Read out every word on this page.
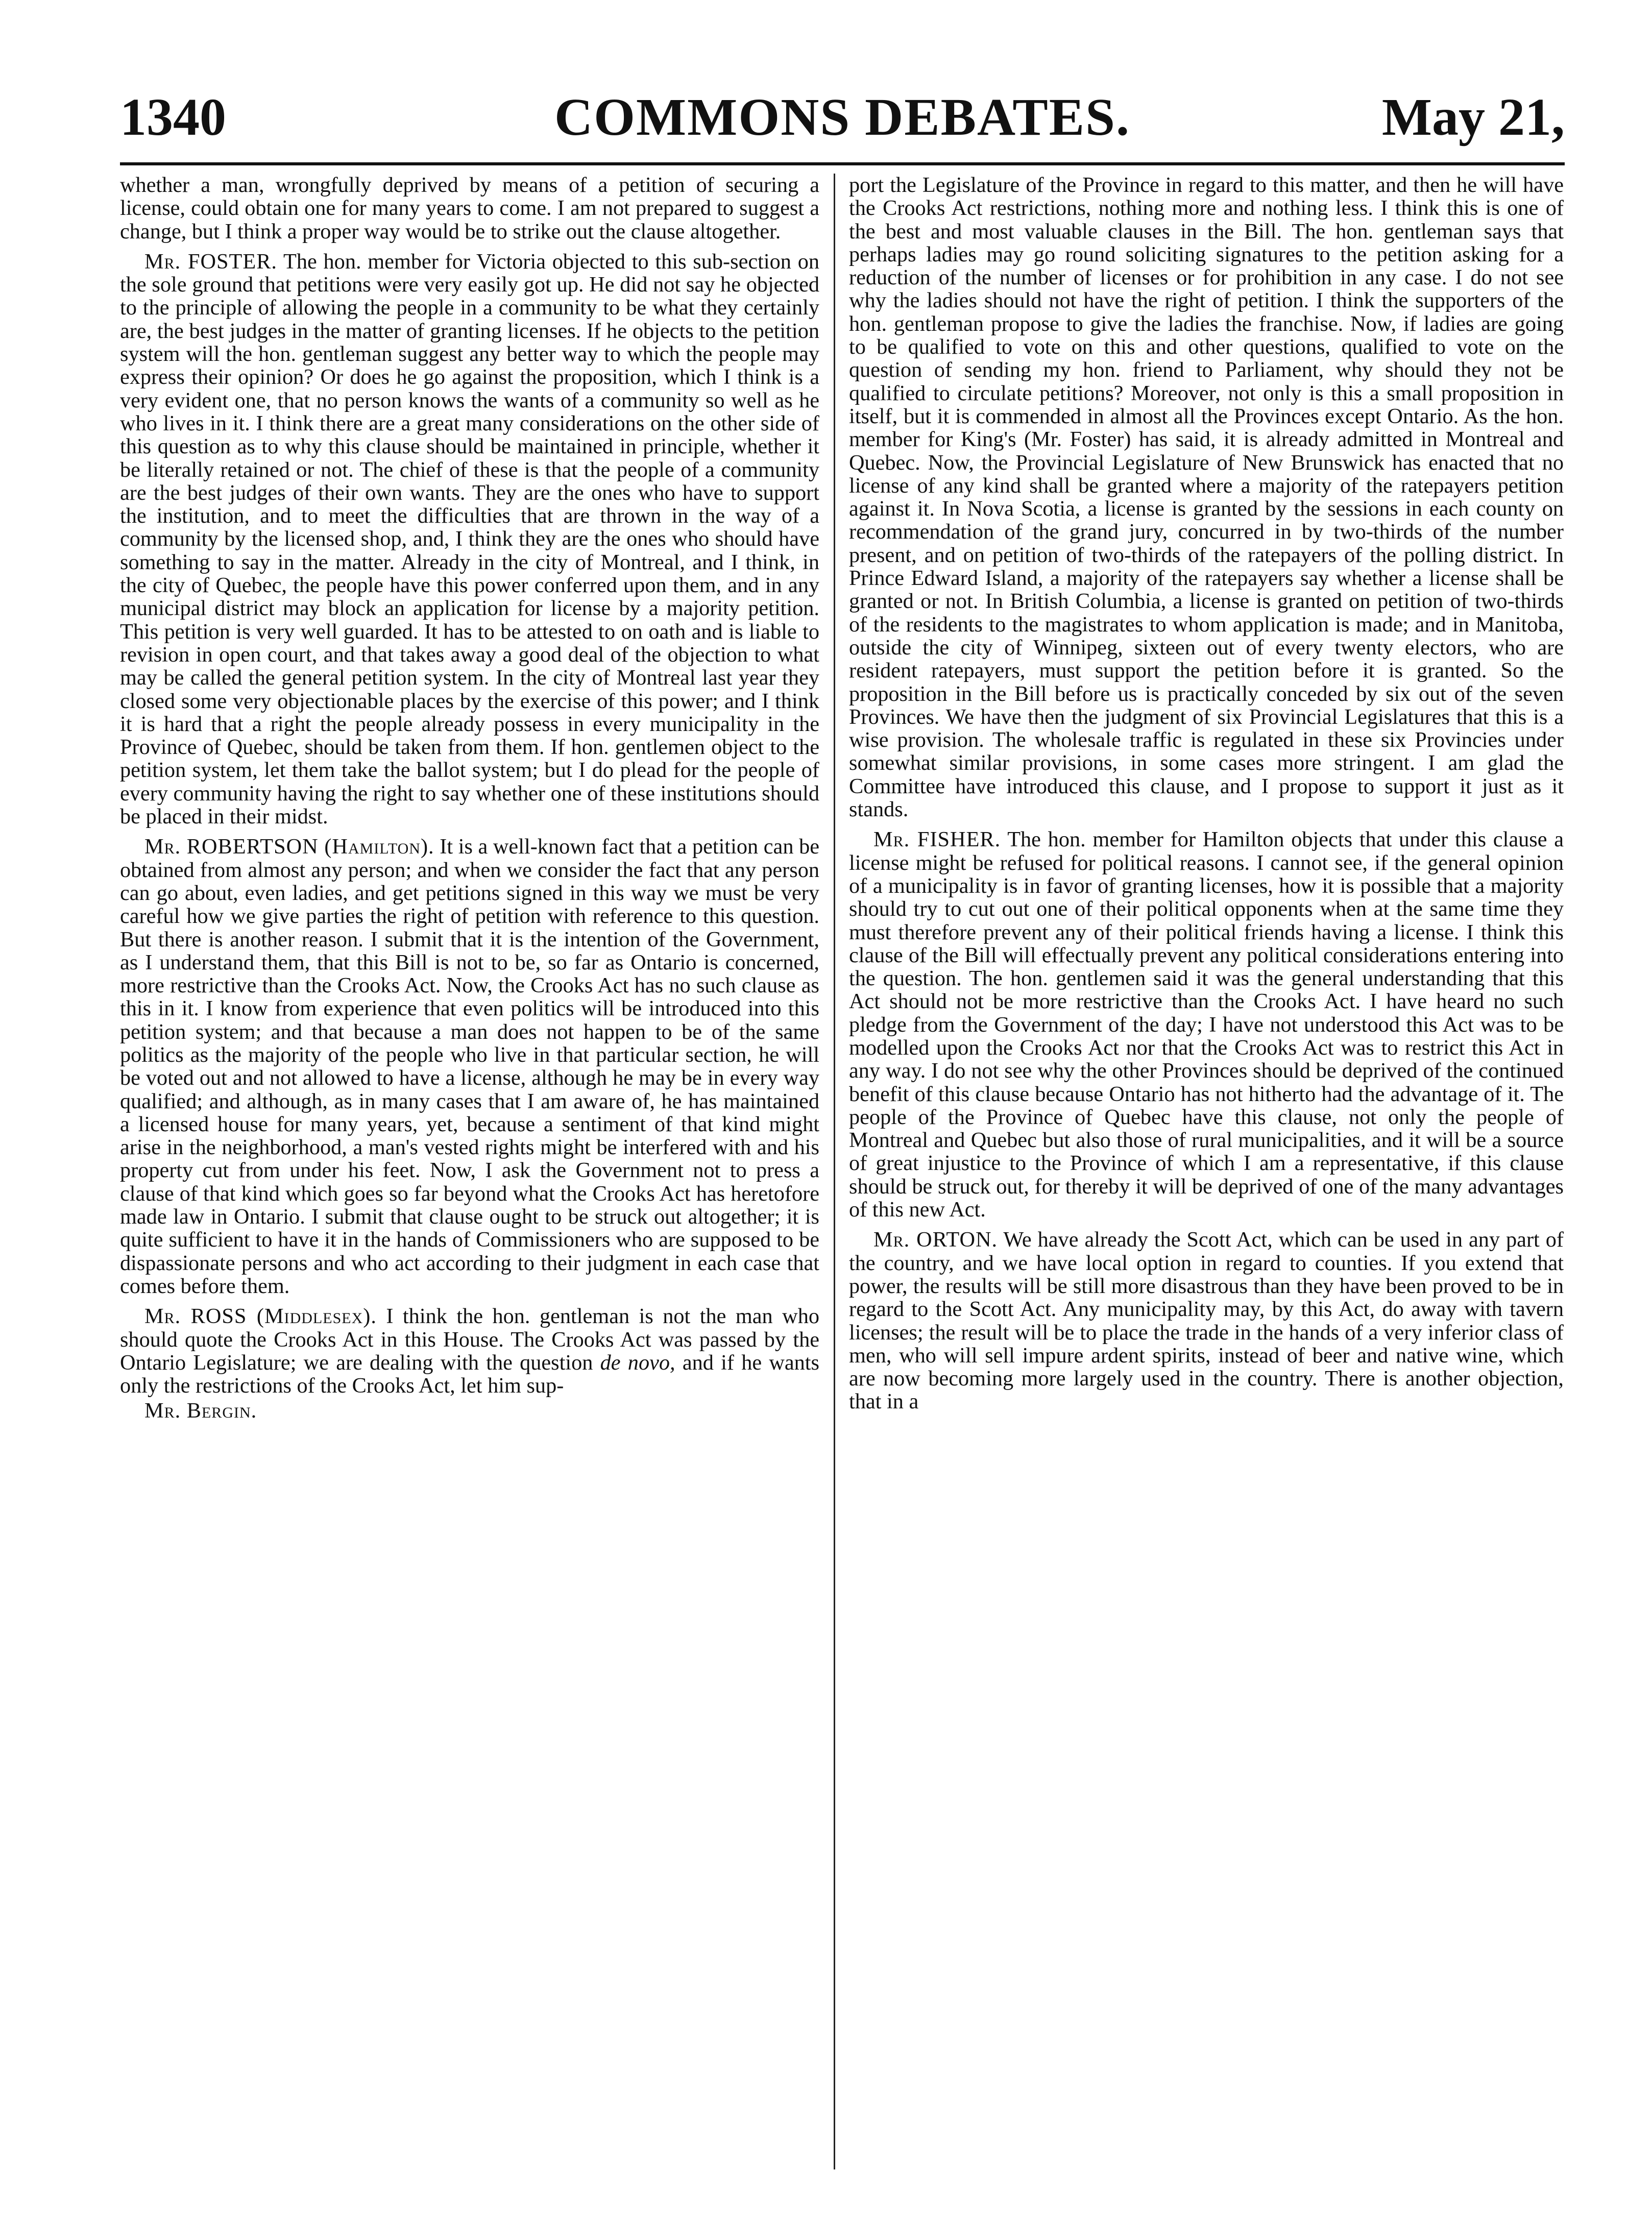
1340	COMMONS DEBATES.	May 21,

whether a man, wrongfully deprived by means of a petition of securing a license, could obtain one for many years to come. I am not prepared to suggest a change, but I think a proper way would be to strike out the clause altogether.

Mr. FOSTER. The hon. member for Victoria objected to this sub-section on the sole ground that petitions were very easily got up. He did not say he objected to the principle of allowing the people in a community to be what they certainly are, the best judges in the matter of granting licenses. If he objects to the petition system will the hon. gentleman suggest any better way to which the people may express their opinion? Or does he go against the proposition, which I think is a very evident one, that no person knows the wants of a community so well as he who lives in it. I think there are a great many considerations on the other side of this question as to why this clause should be maintained in principle, whether it be literally retained or not. The chief of these is that the people of a community are the best judges of their own wants. They are the ones who have to support the institution, and to meet the difficulties that are thrown in the way of a community by the licensed shop, and, I think they are the ones who should have something to say in the matter. Already in the city of Montreal, and I think, in the city of Quebec, the people have this power conferred upon them, and in any municipal district may block an application for license by a majority petition. This petition is very well guarded. It has to be attested to on oath and is liable to revision in open court, and that takes away a good deal of the objection to what may be called the general petition system. In the city of Montreal last year they closed some very objectionable places by the exercise of this power; and I think it is hard that a right the people already possess in every municipality in the Province of Quebec, should be taken from them. If hon. gentlemen object to the petition system, let them take the ballot system; but I do plead for the people of every community having the right to say whether one of these institutions should be placed in their midst.

Mr. ROBERTSON (Hamilton). It is a well-known fact that a petition can be obtained from almost any person; and when we consider the fact that any person can go about, even ladies, and get petitions signed in this way we must be very careful how we give parties the right of petition with reference to this question. But there is another reason. I submit that it is the intention of the Government, as I understand them, that this Bill is not to be, so far as Ontario is concerned, more restrictive than the Crooks Act. Now, the Crooks Act has no such clause as this in it. I know from experience that even politics will be introduced into this petition system; and that because a man does not happen to be of the same politics as the majority of the people who live in that particular section, he will be voted out and not allowed to have a license, although he may be in every way qualified; and although, as in many cases that I am aware of, he has maintained a licensed house for many years, yet, because a sentiment of that kind might arise in the neighborhood, a man's vested rights might be interfered with and his property cut from under his feet. Now, I ask the Government not to press a clause of that kind which goes so far beyond what the Crooks Act has heretofore made law in Ontario. I submit that clause ought to be struck out altogether; it is quite sufficient to have it in the hands of Commissioners who are supposed to be dispassionate persons and who act according to their judgment in each case that comes before them.

Mr. ROSS (Middlesex). I think the hon. gentleman is not the man who should quote the Crooks Act in this House. The Crooks Act was passed by the Ontario Legislature; we are dealing with the question de novo, and if he wants only the restrictions of the Crooks Act, let him sup-

Mr. Bergin.

port the Legislature of the Province in regard to this matter, and then he will have the Crooks Act restrictions, nothing more and nothing less. I think this is one of the best and most valuable clauses in the Bill. The hon. gentleman says that perhaps ladies may go round soliciting signatures to the petition asking for a reduction of the number of licenses or for prohibition in any case. I do not see why the ladies should not have the right of petition. I think the supporters of the hon. gentleman propose to give the ladies the franchise. Now, if ladies are going to be qualified to vote on this and other questions, qualified to vote on the question of sending my hon. friend to Parliament, why should they not be qualified to circulate petitions? Moreover, not only is this a small proposition in itself, but it is commended in almost all the Provinces except Ontario. As the hon. member for King's (Mr. Foster) has said, it is already admitted in Montreal and Quebec. Now, the Provincial Legislature of New Brunswick has enacted that no license of any kind shall be granted where a majority of the ratepayers petition against it. In Nova Scotia, a license is granted by the sessions in each county on recommendation of the grand jury, concurred in by two-thirds of the number present, and on petition of two-thirds of the ratepayers of the polling district. In Prince Edward Island, a majority of the ratepayers say whether a license shall be granted or not. In British Columbia, a license is granted on petition of two-thirds of the residents to the magistrates to whom application is made; and in Manitoba, outside the city of Winnipeg, sixteen out of every twenty electors, who are resident ratepayers, must support the petition before it is granted. So the proposition in the Bill before us is practically conceded by six out of the seven Provinces. We have then the judgment of six Provincial Legislatures that this is a wise provision. The wholesale traffic is regulated in these six Provincies under somewhat similar provisions, in some cases more stringent. I am glad the Committee have introduced this clause, and I propose to support it just as it stands.

Mr. FISHER. The hon. member for Hamilton objects that under this clause a license might be refused for political reasons. I cannot see, if the general opinion of a municipality is in favor of granting licenses, how it is possible that a majority should try to cut out one of their political opponents when at the same time they must therefore prevent any of their political friends having a license. I think this clause of the Bill will effectually prevent any political considerations entering into the question. The hon. gentlemen said it was the general understanding that this Act should not be more restrictive than the Crooks Act. I have heard no such pledge from the Government of the day; I have not understood this Act was to be modelled upon the Crooks Act nor that the Crooks Act was to restrict this Act in any way. I do not see why the other Provinces should be deprived of the continued benefit of this clause because Ontario has not hitherto had the advantage of it. The people of the Province of Quebec have this clause, not only the people of Montreal and Quebec but also those of rural municipalities, and it will be a source of great injustice to the Province of which I am a representative, if this clause should be struck out, for thereby it will be deprived of one of the many advantages of this new Act.

Mr. ORTON. We have already the Scott Act, which can be used in any part of the country, and we have local option in regard to counties. If you extend that power, the results will be still more disastrous than they have been proved to be in regard to the Scott Act. Any municipality may, by this Act, do away with tavern licenses; the result will be to place the trade in the hands of a very inferior class of men, who will sell impure ardent spirits, instead of beer and native wine, which are now becoming more largely used in the country. There is another objection, that in a
